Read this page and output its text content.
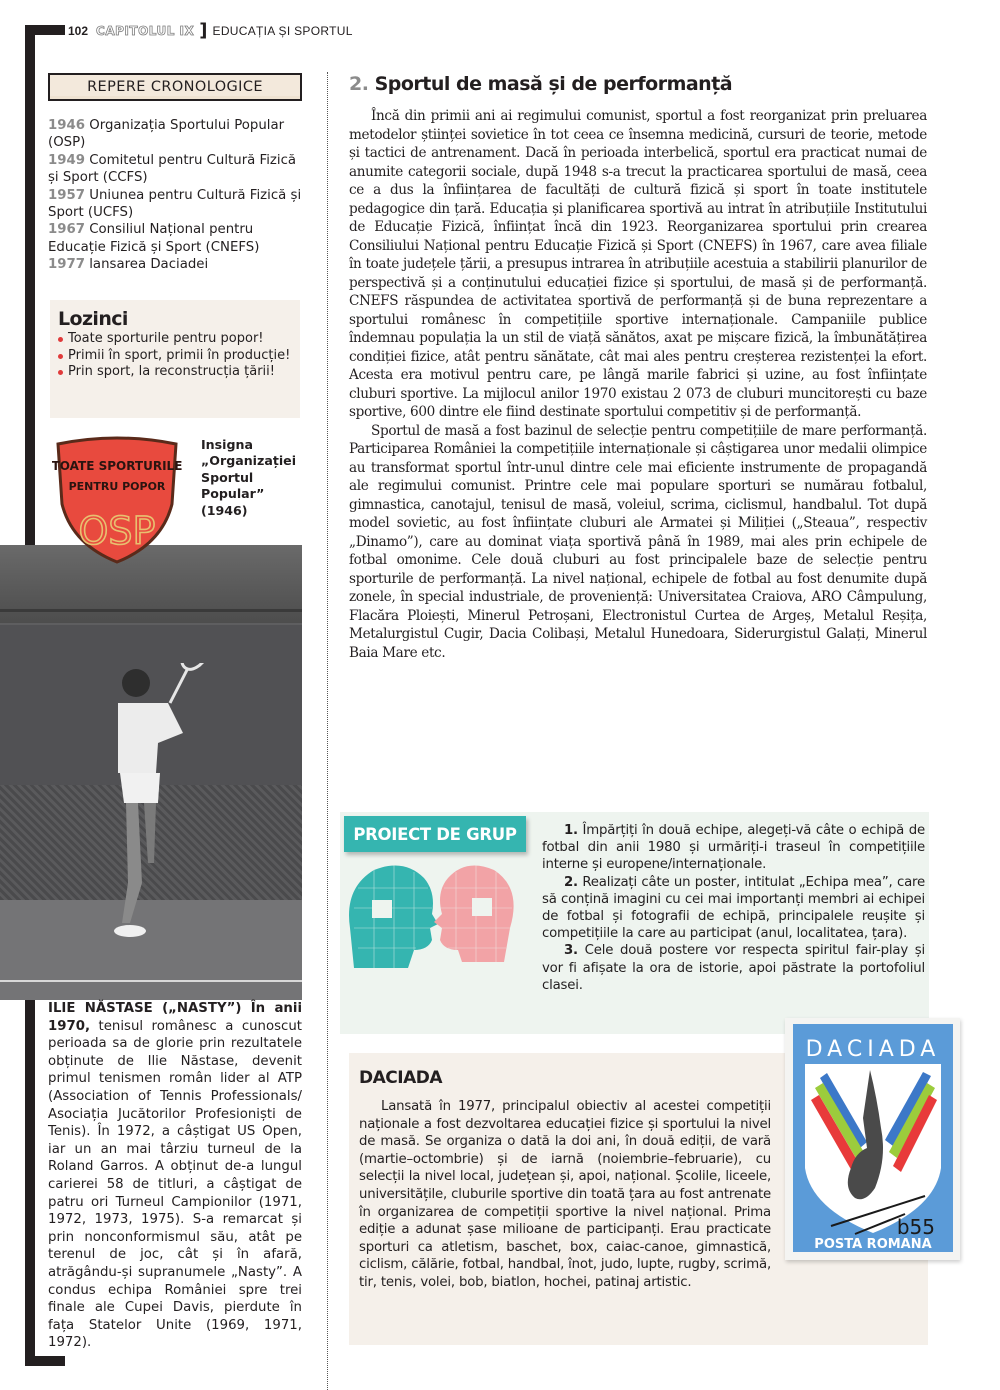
102 CAPITOLUL IX ] EDUCAȚIA ȘI SPORTUL
REPERE CRONOLOGICE
1946 Organizația Sportului Popular (OSP)
1949 Comitetul pentru Cultură Fizică și Sport (CCFS)
1957 Uniunea pentru Cultură Fizică și Sport (UCFS)
1967 Consiliul Național pentru Educație Fizică și Sport (CNEFS)
1977 lansarea Daciadei
Lozinci
Toate sporturile pentru popor!
Primii în sport, primii în producție!
Prin sport, la reconstrucția țării!
TOATE SPORTURILE
PENTRU POPOR
OSP
Insigna „Organizației Sportul Popular” (1946)
ILIE NĂSTASE („NASTY”) În anii 1970, tenisul românesc a cunoscut perioada sa de glorie prin rezultatele obținute de Ilie Năstase, devenit primul tenismen român lider al ATP (Association of Tennis Professionals/ Asociația Jucătorilor Profesioniști de Tenis). În 1972, a câștigat US Open, iar un an mai târziu turneul de la Roland Garros. A obținut de-a lungul carierei 58 de titluri, a câștigat de patru ori Turneul Campionilor (1971, 1972, 1973, 1975). S-a remarcat și prin nonconformismul său, atât pe terenul de joc, cât și în afară, atrăgându-și supranumele „Nasty”. A condus echipa României spre trei finale ale Cupei Davis, pierdute în fața Statelor Unite (1969, 1971, 1972).
2. Sportul de masă și de performanță

Încă din primii ani ai regimului comunist, sportul a fost reorganizat prin preluarea metodelor științei sovietice în tot ceea ce însemna medicină, cursuri de teorie, metode și tactici de antrenament. Dacă în perioada interbelică, sportul era practicat numai de anumite categorii sociale, după 1948 s-a trecut la practicarea sportului de masă, ceea ce a dus la înființarea de facultăți de cultură fizică și sport în toate institutele pedagogice din țară. Educația și planificarea sportivă au intrat în atribuțiile Institutului de Educație Fizică, înființat încă din 1923. Reorganizarea sportului prin crearea Consiliului Național pentru Educație Fizică și Sport (CNEFS) în 1967, care avea filiale în toate județele țării, a presupus intrarea în atribuțiile acestuia a stabilirii planurilor de perspectivă și a conținutului educației fizice și sportului, de masă și de performanță. CNEFS răspundea de activitatea sportivă de performanță și de buna reprezentare a sportului românesc în competițiile sportive internaționale. Campaniile publice îndemnau populația la un stil de viață sănătos, axat pe mișcare fizică, la îmbunătățirea condiției fizice, atât pentru sănătate, cât mai ales pentru creșterea rezistenței la efort. Acesta era motivul pentru care, pe lângă marile fabrici și uzine, au fost înființate cluburi sportive. La mijlocul anilor 1970 existau 2 073 de cluburi muncitorești cu baze sportive, 600 dintre ele fiind destinate sportului competitiv și de performanță.

Sportul de masă a fost bazinul de selecție pentru competițiile de mare performanță. Participarea României la competițiile internaționale și câștigarea unor medalii olimpice au transformat sportul într-unul dintre cele mai eficiente instrumente de propagandă ale regimului comunist. Printre cele mai populare sporturi se numărau fotbalul, gimnastica, canotajul, tenisul de masă, voleiul, scrima, ciclismul, handbalul. Tot după model sovietic, au fost înființate cluburi ale Armatei și Miliției („Steaua”, respectiv „Dinamo”), care au dominat viața sportivă până în 1989, mai ales prin echipele de fotbal omonime. Cele două cluburi au fost principalele baze de selecție pentru sporturile de performanță. La nivel național, echipele de fotbal au fost denumite după zonele, în special industriale, de proveniență: Universitatea Craiova, ARO Câmpulung, Flacăra Ploiești, Minerul Petroșani, Electronistul Curtea de Argeș, Metalul Reșița, Metalurgistul Cugir, Dacia Colibași, Metalul Hunedoara, Siderurgistul Galați, Minerul Baia Mare etc.

PROIECT DE GRUP	1. Împărțiți în două echipe, alegeți-vă câte o echipă de fotbal din anii 1980 și urmăriți-i traseul în competițiile interne și europene/internaționale.

2. Realizați câte un poster, intitulat „Echipa mea”, care să conțină imagini cu cei mai importanți membri ai echipei de fotbal și fotografii de echipă, principalele reușite și competițiile la care au participat (anul, localitatea, țara).

3. Cele două postere vor respecta spiritul fair-play și vor fi afișate la ora de istorie, apoi păstrate la portofoliul clasei.

DACIADA

Lansată în 1977, principalul obiectiv al acestei competiții naționale a fost dezvoltarea educației fizice și sportului la nivel de masă. Se organiza o dată la doi ani, în două ediții, de vară (martie–octombrie) și de iarnă (noiembrie–februarie), cu selecții la nivel local, județean și, apoi, național. Școlile, liceele, universitățile, cluburile sportive din toată țara au fost antrenate în organizarea de competiții sportive la nivel național. Prima ediție a adunat șase milioane de participanți. Erau practicate sporturi ca atletism, baschet, box, caiac-canoe, gimnastică, ciclism, călărie, fotbal, handbal, înot, judo, lupte, rugby, scrimă, tir, tenis, volei, bob, biatlon, hochei, patinaj artistic.

DACIADA
b55
POSTA ROMANA
